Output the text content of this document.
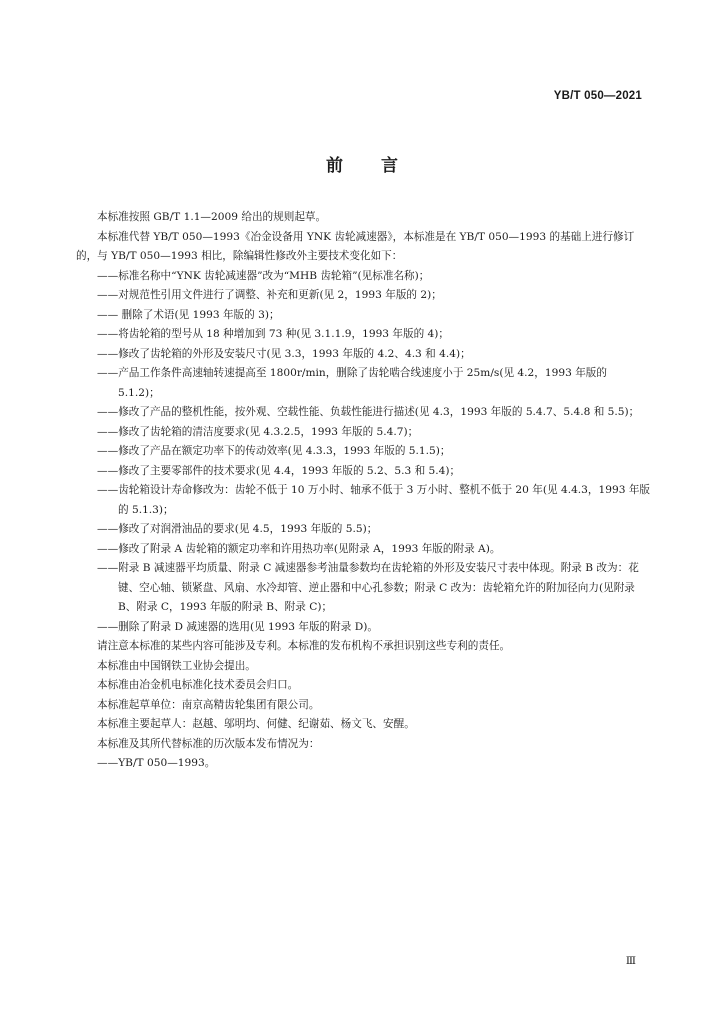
YB/T 050—2021
前言

本标准按照 GB/T 1.1—2009 给出的规则起草。

本标准代替 YB/T 050—1993《冶金设备用 YNK 齿轮减速器》，本标准是在 YB/T 050—1993 的基础上进行修订的，与 YB/T 050—1993 相比，除编辑性修改外主要技术变化如下：

——标准名称中“YNK 齿轮减速器”改为“MHB 齿轮箱”(见标准名称)；

——对规范性引用文件进行了调整、补充和更新(见 2，1993 年版的 2)；

—— 删除了术语(见 1993 年版的 3)；

——将齿轮箱的型号从 18 种增加到 73 种(见 3.1.1.9，1993 年版的 4)；

——修改了齿轮箱的外形及安装尺寸(见 3.3，1993 年版的 4.2、4.3 和 4.4)；

——产品工作条件高速轴转速提高至 1800r/min，删除了齿轮啮合线速度小于 25m/s(见 4.2，1993 年版的 5.1.2)；

——修改了产品的整机性能，按外观、空载性能、负载性能进行描述(见 4.3，1993 年版的 5.4.7、5.4.8 和 5.5)；

——修改了齿轮箱的清洁度要求(见 4.3.2.5，1993 年版的 5.4.7)；

——修改了产品在额定功率下的传动效率(见 4.3.3，1993 年版的 5.1.5)；

——修改了主要零部件的技术要求(见 4.4，1993 年版的 5.2、5.3 和 5.4)；

——齿轮箱设计寿命修改为：齿轮不低于 10 万小时、轴承不低于 3 万小时、整机不低于 20 年(见 4.4.3，1993 年版的 5.1.3)；

——修改了对润滑油品的要求(见 4.5，1993 年版的 5.5)；

——修改了附录 A 齿轮箱的额定功率和许用热功率(见附录 A，1993 年版的附录 A)。

——附录 B 减速器平均质量、附录 C 减速器参考油量参数均在齿轮箱的外形及安装尺寸表中体现。附录 B 改为：花键、空心轴、锁紧盘、风扇、水冷却管、逆止器和中心孔参数；附录 C 改为：齿轮箱允许的附加径向力(见附录 B、附录 C，1993 年版的附录 B、附录 C)；

——删除了附录 D 减速器的选用(见 1993 年版的附录 D)。

请注意本标准的某些内容可能涉及专利。本标准的发布机构不承担识别这些专利的责任。

本标准由中国钢铁工业协会提出。

本标准由冶金机电标准化技术委员会归口。

本标准起草单位：南京高精齿轮集团有限公司。

本标准主要起草人：赵越、邬明均、何健、纪谢茹、杨文飞、安醒。

本标准及其所代替标准的历次版本发布情况为：

——YB/T 050—1993。

Ⅲ
